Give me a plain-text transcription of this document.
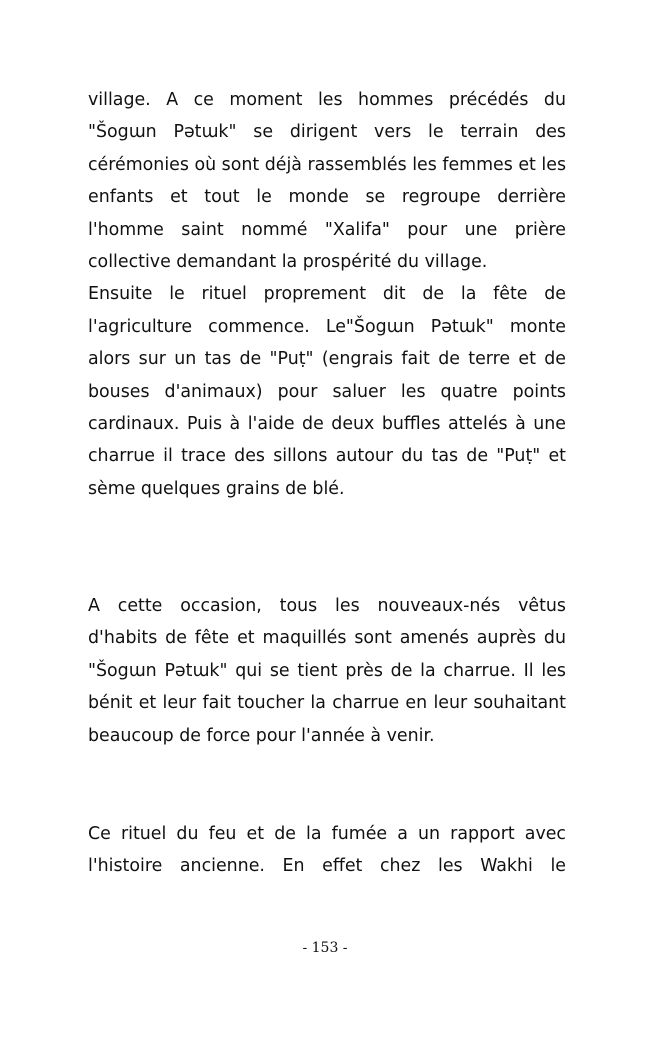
village. A ce moment les hommes précédés du "Šogɯn Pətɯk" se dirigent vers le terrain des cérémonies où sont déjà rassemblés les femmes et les enfants et tout le monde se regroupe derrière l'homme saint nommé "Xalifa" pour une prière collective demandant la prospérité du village.

Ensuite le rituel proprement dit de la fête de l'agriculture commence. Le"Šogɯn Pətɯk" monte alors sur un tas de "Puṭ" (engrais fait de terre et de bouses d'animaux) pour saluer les quatre points cardinaux. Puis à l'aide de deux buffles attelés à une charrue il trace des sillons autour du tas de "Puṭ" et sème quelques grains de blé.

A cette occasion, tous les nouveaux-nés vêtus d'habits de fête et maquillés sont amenés auprès du "Šogɯn Pətɯk" qui se tient près de la charrue. Il les bénit et leur fait toucher la charrue en leur souhaitant beaucoup de force pour l'année à venir.

Ce rituel du feu et de la fumée a un rapport avec l'histoire ancienne. En effet chez les Wakhi le

- 153 -
